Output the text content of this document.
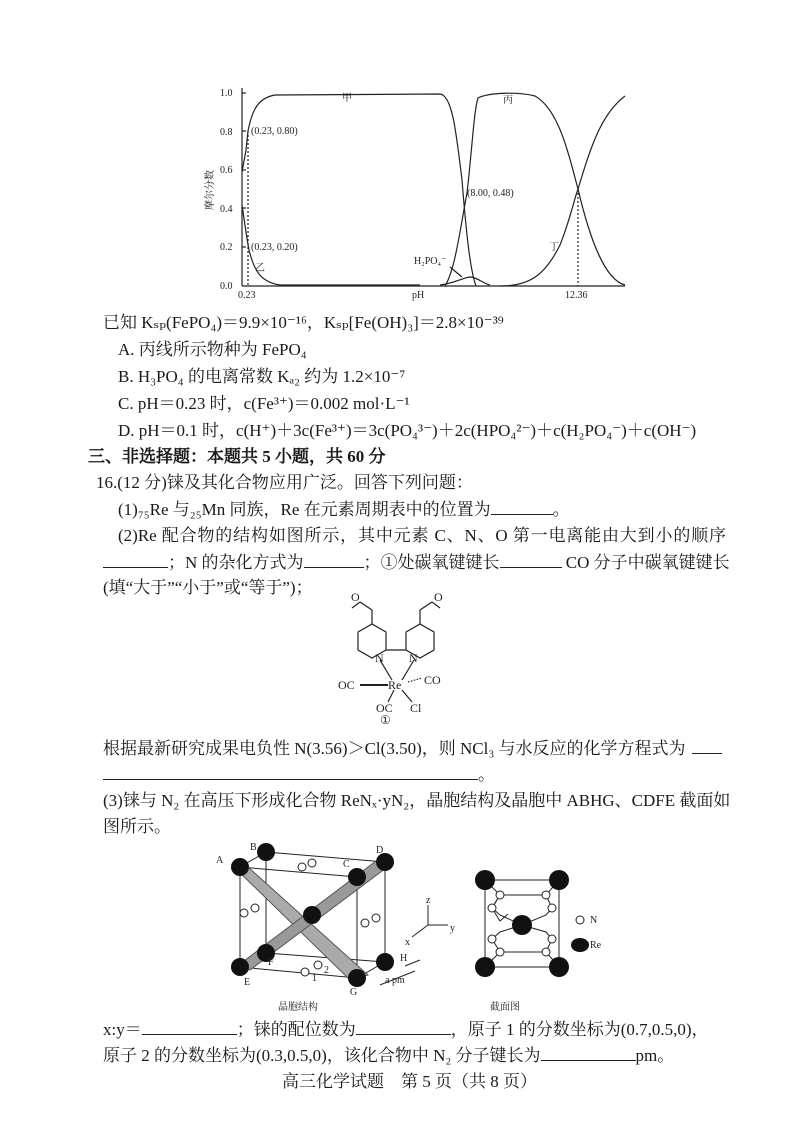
0.0
0.2
0.4
0.6
0.8
1.0
0.23	12.36
pH
摩尔分数
甲
乙
丙
丁
H₂PO₄⁻
(0.23, 0.80)
(0.23, 0.20)
(8.00, 0.48)
已知 Kₛₚ(FePO₄)＝9.9×10⁻¹⁶，Kₛₚ[Fe(OH)₃]＝2.8×10⁻³⁹
A. 丙线所示物种为 FePO₄
B. H₃PO₄ 的电离常数 Kₐ₂ 约为 1.2×10⁻⁷
C. pH＝0.23 时，c(Fe³⁺)＝0.002 mol·L⁻¹
D. pH＝0.1 时，c(H⁺)＋3c(Fe³⁺)＝3c(PO₄³⁻)＋2c(HPO₄²⁻)＋c(H₂PO₄⁻)＋c(OH⁻)
三、非选择题：本题共 5 小题，共 60 分
16.(12 分)铼及其化合物应用广泛。回答下列问题：
(1)₇₅Re 与₂₅Mn 同族，Re 在元素周期表中的位置为	。
(2)Re 配合物的结构如图所示，其中元素 C、N、O 第一电离能由大到小的顺序
；N 的杂化方式为	；①处碳氧键键长	CO 分子中碳氧键键长
(填“大于”“小于”或“等于”)；	O	O
N N
OC	Re CO
OC Cl
①
根据最新研究成果电负性 N(3.56)＞Cl(3.50)，则 NCl₃ 与水反应的化学方程式为
。
(3)铼与 N₂ 在高压下形成化合物 ReNₓ·yN₂，晶胞结构及晶胞中 ABHG、CDFE 截面如
图所示。
A
B
C
D
E
F
G
H
1
2
a pm
z
y
x
晶胞结构	截面图
N
Re
x:y＝	；铼的配位数为	，原子 1 的分数坐标为(0.7,0.5,0)，
原子 2 的分数坐标为(0.3,0.5,0)，该化合物中 N₂ 分子键长为	pm。
高三化学试题　第 5 页（共 8 页）
